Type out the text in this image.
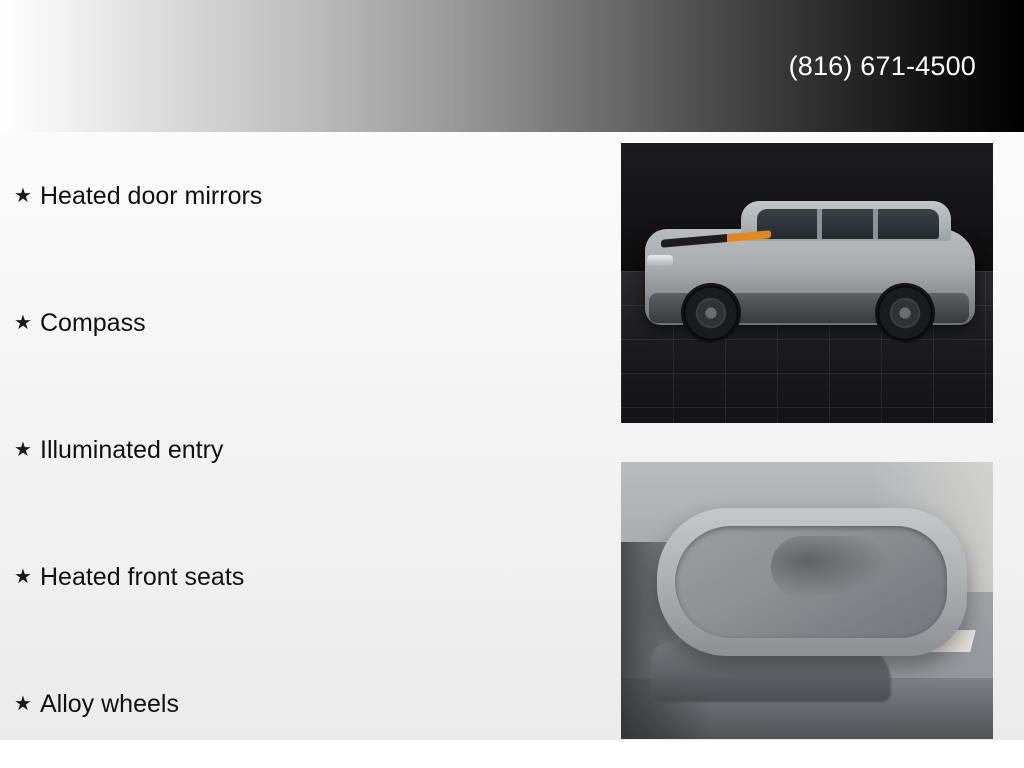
(816) 671-4500
★ Heated door mirrors
★ Compass
★ Illuminated entry
★ Heated front seats
★ Alloy wheels
